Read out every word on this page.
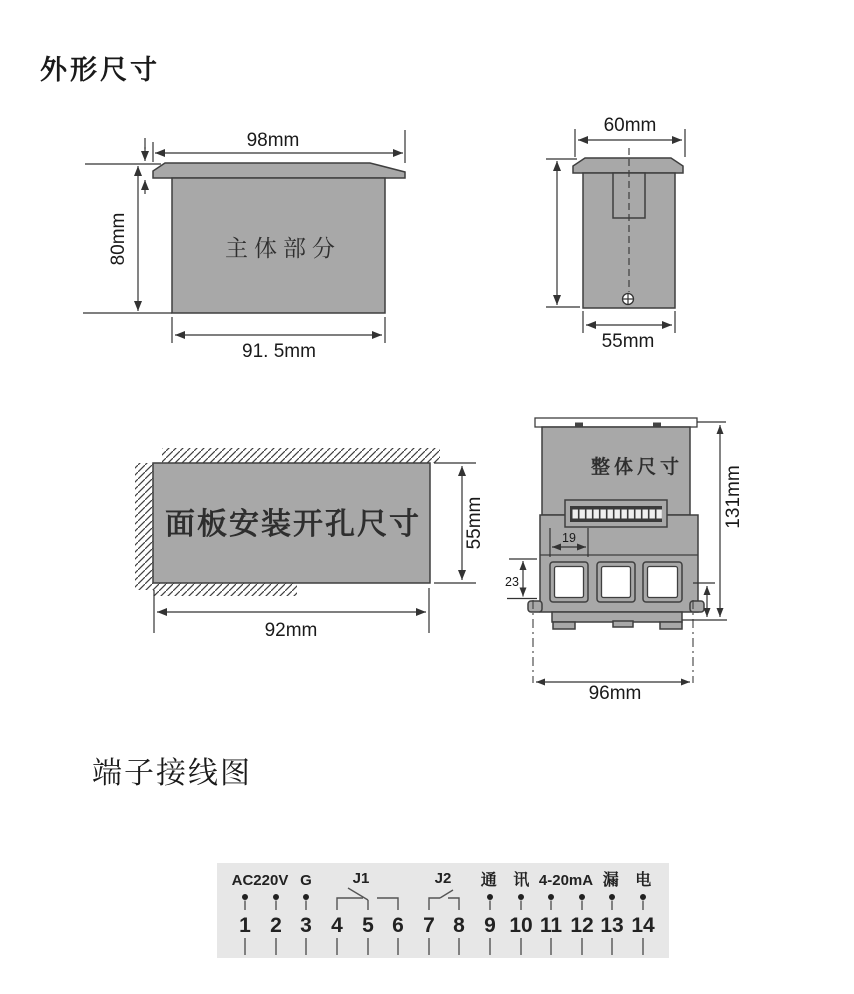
外形尺寸
主体部分
98mm
80mm
91. 5mm
60mm
55mm
面板安装开孔尺寸 55mm
92mm
整体尺寸
19
23
96mm
131mm
端子接线图
AC220V G	J1	J2 通 讯 4-20mA 漏 电
1 2 3 4 5 6 7 8 9 10 11 12 13 14
